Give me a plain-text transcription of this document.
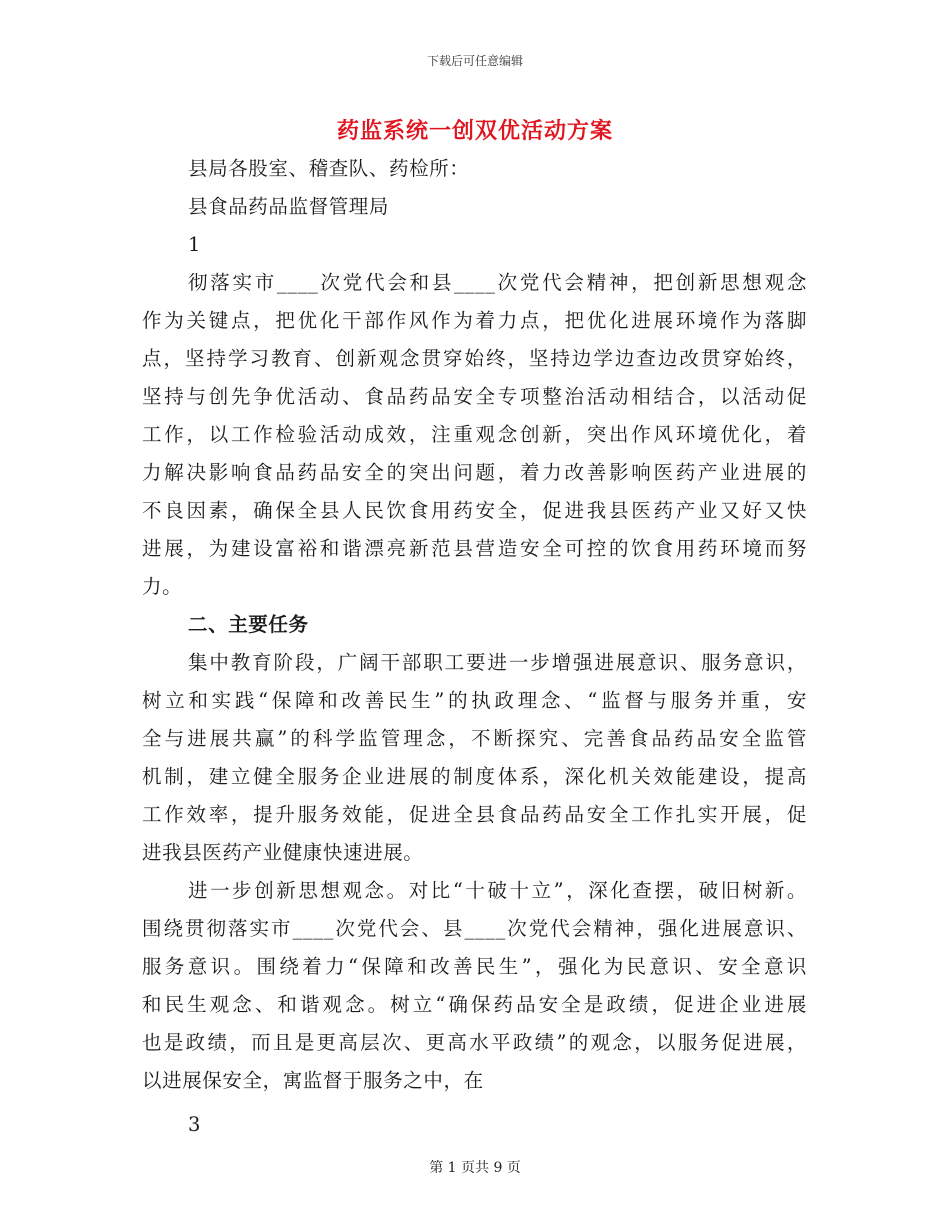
下载后可任意编辑
药监系统一创双优活动方案
县局各股室、稽查队、药检所：
县食品药品监督管理局
1
彻落实市____次党代会和县____次党代会精神，把创新思想观念
作为关键点，把优化干部作风作为着力点，把优化进展环境作为落脚
点，坚持学习教育、创新观念贯穿始终，坚持边学边查边改贯穿始终，
坚持与创先争优活动、食品药品安全专项整治活动相结合，以活动促
工作，以工作检验活动成效，注重观念创新，突出作风环境优化，着
力解决影响食品药品安全的突出问题，着力改善影响医药产业进展的
不良因素，确保全县人民饮食用药安全，促进我县医药产业又好又快
进展，为建设富裕和谐漂亮新范县营造安全可控的饮食用药环境而努
力。
二、主要任务
集中教育阶段，广阔干部职工要进一步增强进展意识、服务意识，
树立和实践“保障和改善民生”的执政理念、“监督与服务并重，安
全与进展共赢”的科学监管理念，不断探究、完善食品药品安全监管
机制，建立健全服务企业进展的制度体系，深化机关效能建设，提高
工作效率，提升服务效能，促进全县食品药品安全工作扎实开展，促
进我县医药产业健康快速进展。
进一步创新思想观念。对比“十破十立”，深化查摆，破旧树新。
围绕贯彻落实市____次党代会、县____次党代会精神，强化进展意识、
服务意识。围绕着力“保障和改善民生”，强化为民意识、安全意识
和民生观念、和谐观念。树立“确保药品安全是政绩，促进企业进展
也是政绩，而且是更高层次、更高水平政绩”的观念，以服务促进展，
以进展保安全，寓监督于服务之中，在
3
第 1 页共 9 页
